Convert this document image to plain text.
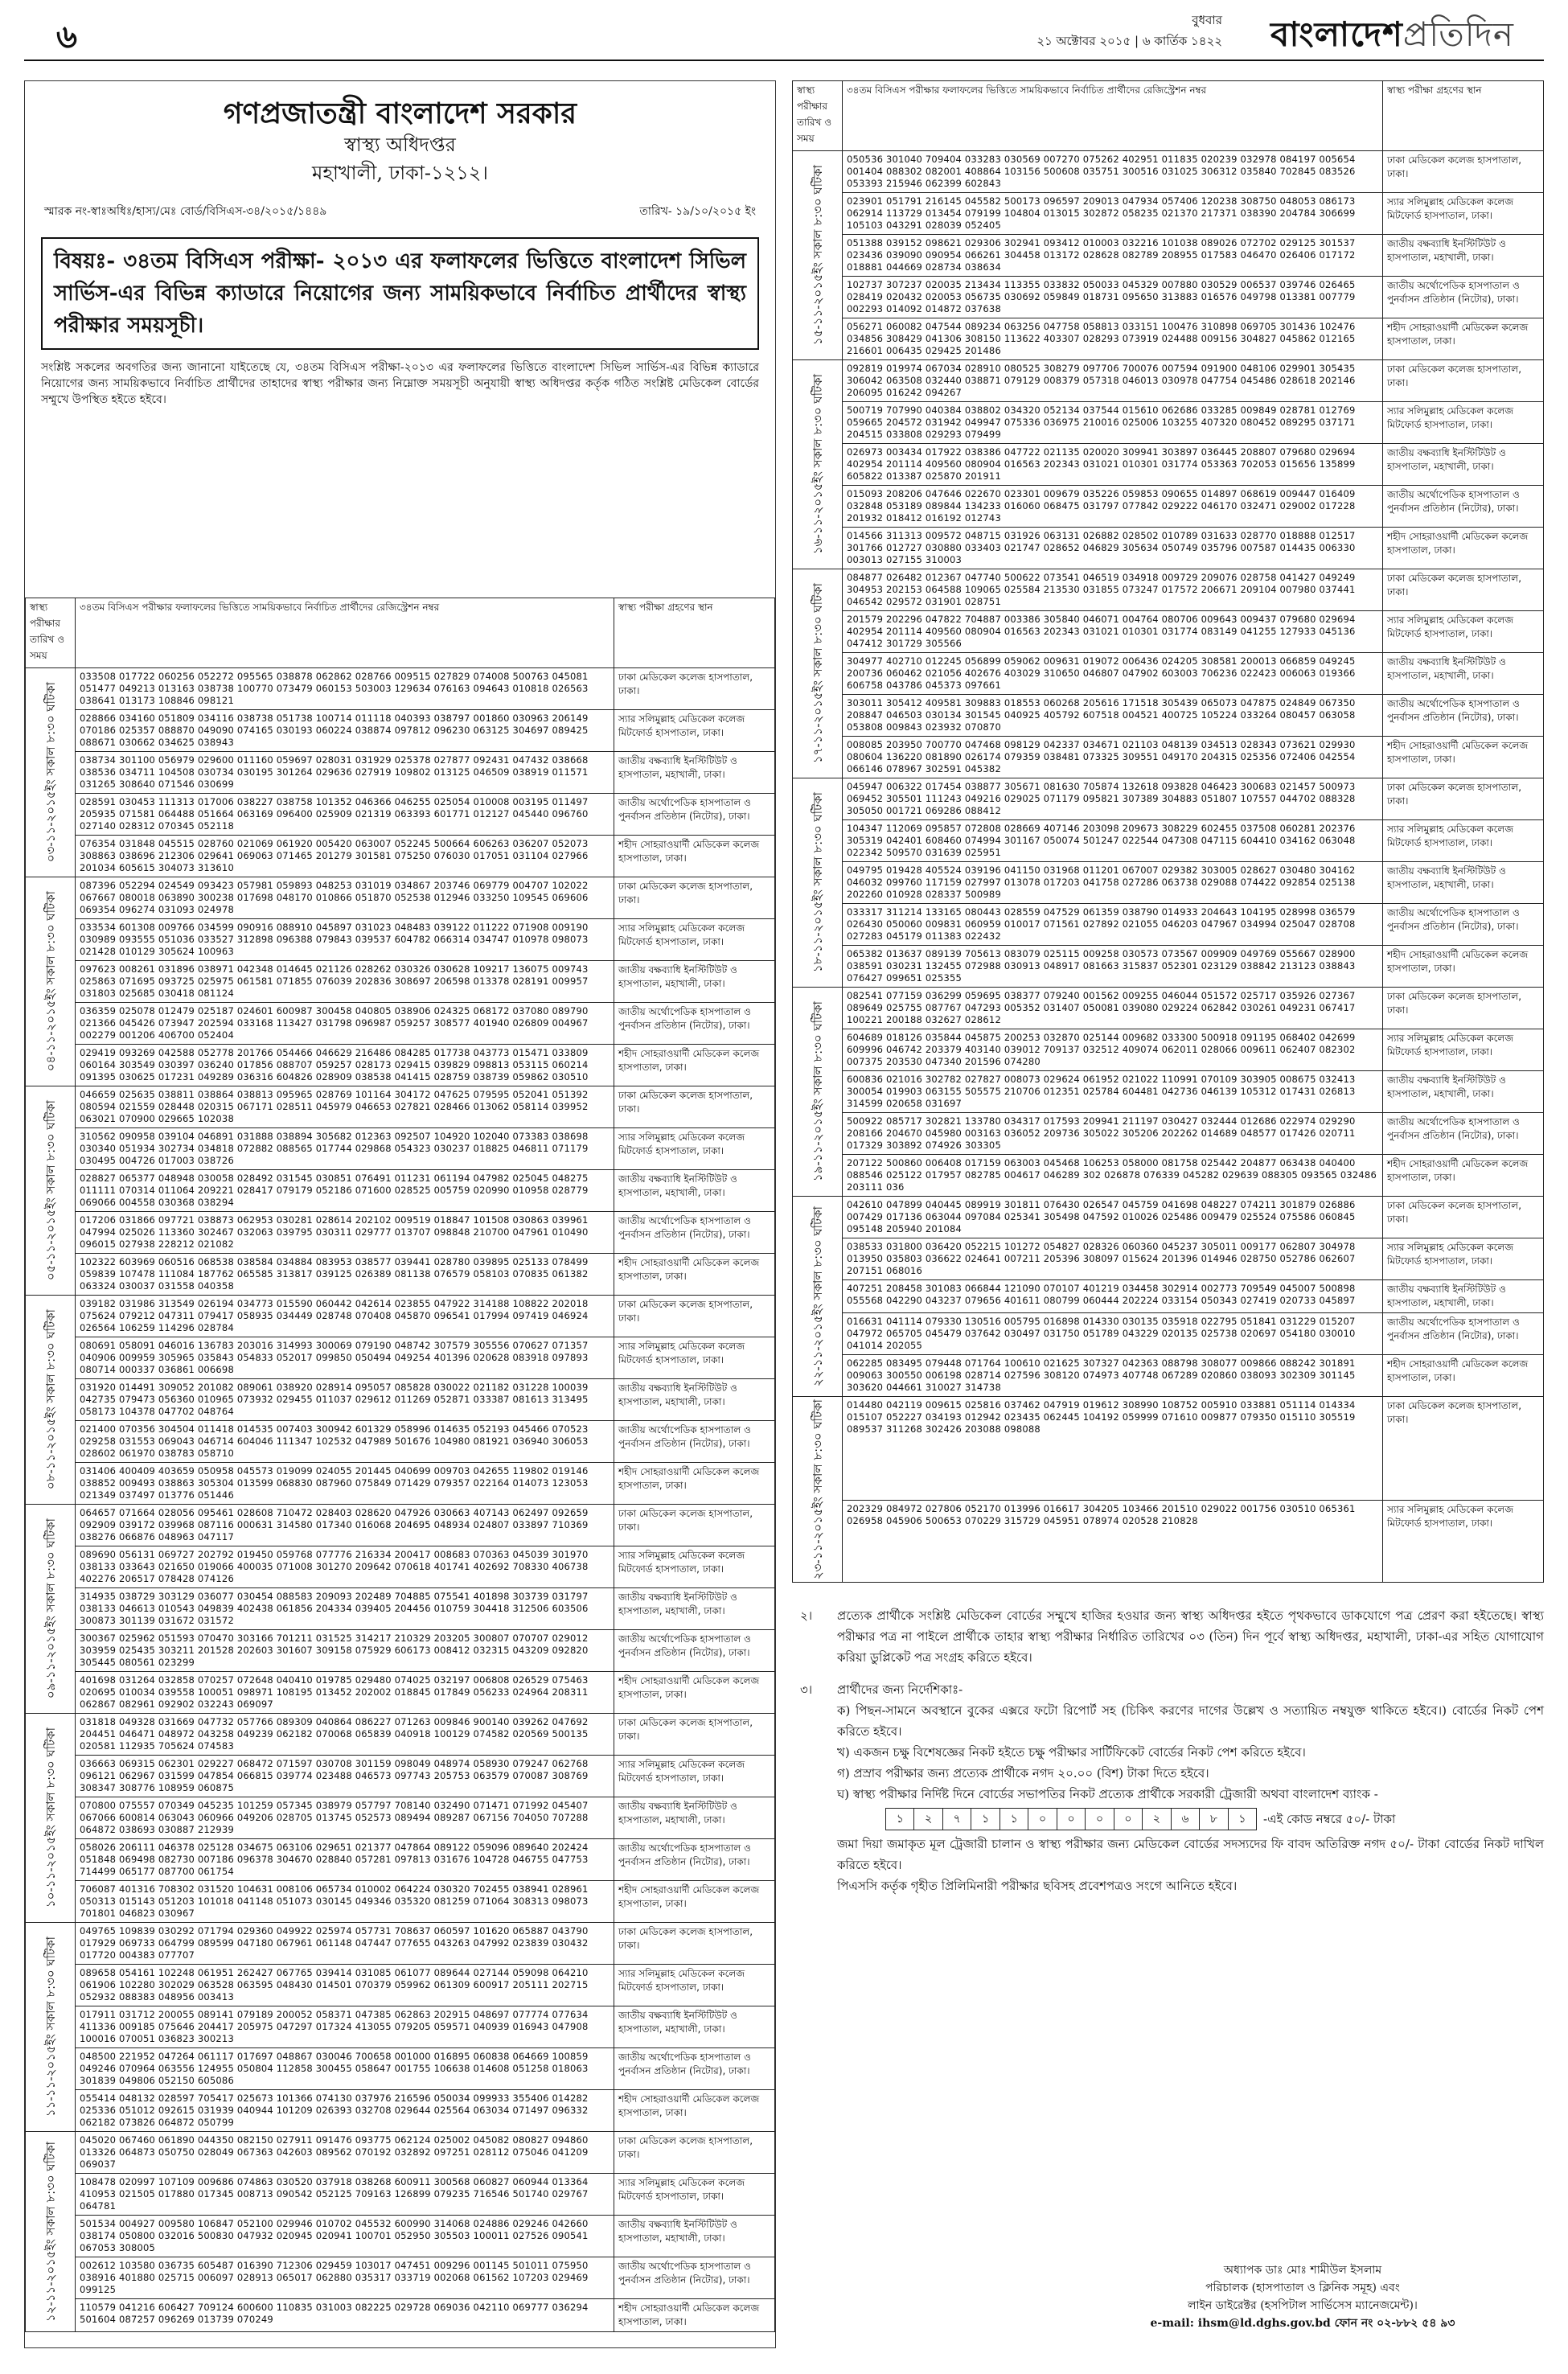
৬	বুধবার
২১ অক্টোবর ২০১৫ | ৬ কার্তিক ১৪২২ বাংলাদেশপ্রতিদিন
গণপ্রজাতন্ত্রী বাংলাদেশ সরকার
স্বাস্থ্য অধিদপ্তর
মহাখালী, ঢাকা-১২১২।
স্মারক নং-স্বাঃঅধিঃ/হাস্য/মেঃ বোর্ড/বিসিএস-৩৪/২০১৫/১৪৪৯	তারিখ- ১৯/১০/২০১৫ ইং
বিষয়ঃ- ৩৪তম বিসিএস পরীক্ষা- ২০১৩ এর ফলাফলের ভিত্তিতে বাংলাদেশ সিভিল সার্ভিস-এর বিভিন্ন ক্যাডারে নিয়োগের জন্য সাময়িকভাবে নির্বাচিত প্রার্থীদের স্বাস্থ্য পরীক্ষার সময়সূচী।
সংশ্লিষ্ট সকলের অবগতির জন্য জানানো যাইতেছে যে, ৩৪তম বিসিএস পরীক্ষা-২০১৩ এর ফলাফলের ভিত্তিতে বাংলাদেশ সিভিল সার্ভিস-এর বিভিন্ন ক্যাডারে নিয়োগের জন্য সাময়িকভাবে নির্বাচিত প্রার্থীদের তাহাদের স্বাস্থ্য পরীক্ষার জন্য নিম্নোক্ত সময়সূচী অনুযায়ী স্বাস্থ্য অধিদপ্তর কর্তৃক গঠিত সংশ্লিষ্ট মেডিকেল বোর্ডের সম্মুখে উপস্থিত হইতে হইবে।
স্বাস্থ্য পরীক্ষার তারিখ ও সময়	৩৪তম বিসিএস পরীক্ষার ফলাফলের ভিত্তিতে সাময়িকভাবে নির্বাচিত প্রার্থীদের রেজিস্ট্রেশন নম্বর	স্বাস্থ্য পরীক্ষা গ্রহণের স্থান

০৩-১১-২০১৫ইং সকাল ৮:৩০ ঘটিকা	033508 017722 060256 052272 095565 038878 062862 028766 009515 027829 074008 500763 045081 051477 049213 013163 038738 100770 073479 060153 503003 129634 076163 094643 010818 026563 038641 013173 108846 098121	ঢাকা মেডিকেল কলেজ হাসপাতাল, ঢাকা।

	028866 034160 051809 034116 038738 051738 100714 011118 040393 038797 001860 030963 206149 070186 025357 088870 049090 074165 030193 060224 038874 097812 096230 063125 304697 089425 088671 030662 034625 038943	স্যার সলিমুল্লাহ মেডিকেল কলেজ মিটফোর্ড হাসপাতাল, ঢাকা।

	038734 301100 056979 029600 011160 059697 028031 031929 025378 027877 092431 047432 038668 038536 034711 104508 030734 030195 301264 029636 027919 109802 013125 046509 038919 011571 031265 308640 071546 030699	জাতীয় বক্ষব্যাধি ইনস্টিটিউট ও হাসপাতাল, মহাখালী, ঢাকা।

	028591 030453 111313 017006 038227 038758 101352 046366 046255 025054 010008 003195 011497 205935 071581 064488 051664 063169 096400 025909 021319 063393 601771 012127 045440 096760 027140 028312 070345 052118	জাতীয় অর্থোপেডিক হাসপাতাল ও পুনর্বাসন প্রতিষ্ঠান (নিটোর), ঢাকা।

	076354 031848 045515 028760 021069 061920 005420 063007 052245 500664 606263 036207 052073 308863 038696 212306 029641 069063 071465 201279 301581 075250 076030 017051 031104 027966 201034 605615 304073 313610	শহীদ সোহরাওয়ার্দী মেডিকেল কলেজ হাসপাতাল, ঢাকা।

০৪-১১-২০১৫ইং সকাল ৮:৩০ ঘটিকা	087396 052294 024549 093423 057981 059893 048253 031019 034867 203746 069779 004707 102022 067667 080018 063890 300238 017698 048170 010866 051870 052538 012946 033250 109545 069606 069354 096274 031093 024978	ঢাকা মেডিকেল কলেজ হাসপাতাল, ঢাকা।

	033534 601308 009766 034599 090916 088910 045897 031023 048483 039122 011222 071908 009190 030989 093555 051036 033527 312898 096388 079843 039537 604782 066314 034747 010978 098073 021428 010129 305624 100963	স্যার সলিমুল্লাহ মেডিকেল কলেজ মিটফোর্ড হাসপাতাল, ঢাকা।

	097623 008261 031896 038971 042348 014645 021126 028262 030326 030628 109217 136075 009743 025863 071695 093725 025975 061581 071855 076039 202836 308697 206598 013378 028191 009957 031803 025685 030418 081124	জাতীয় বক্ষব্যাধি ইনস্টিটিউট ও হাসপাতাল, মহাখালী, ঢাকা।

	036359 025078 012479 025187 024601 600987 300458 040805 038906 024325 068172 037080 089790 021366 045426 073947 202594 033168 113427 031798 096987 059257 308577 401940 026809 004967 002279 001206 406700 052404	জাতীয় অর্থোপেডিক হাসপাতাল ও পুনর্বাসন প্রতিষ্ঠান (নিটোর), ঢাকা।

	029419 093269 042588 052778 201766 054466 046629 216486 084285 017738 043773 015471 033809 060164 303549 030397 036240 017856 088707 059257 028173 029415 039829 098813 053115 060214 091395 030625 017231 049289 036316 604826 028909 038538 041415 028759 038739 059862 030510	শহীদ সোহরাওয়ার্দী মেডিকেল কলেজ হাসপাতাল, ঢাকা।

০৫-১১-২০১৫ইং সকাল ৮:৩০ ঘটিকা	046659 025635 038811 038864 038813 095965 028769 101164 304172 047625 079595 052041 051392 080594 021559 028448 020315 067171 028511 045979 046653 027821 028466 013062 058114 039952 063021 070900 029665 102038	ঢাকা মেডিকেল কলেজ হাসপাতাল, ঢাকা।

	310562 090958 039104 046891 031888 038894 305682 012363 092507 104920 102040 073383 038698 030340 051934 302734 034818 072882 088565 017744 029868 054323 030237 018825 046811 071179 030495 004726 017003 038726	স্যার সলিমুল্লাহ মেডিকেল কলেজ মিটফোর্ড হাসপাতাল, ঢাকা।

	028827 065377 048948 030058 028492 031545 030851 076491 011231 061194 047982 025045 048275 011111 070314 011064 209221 028417 079179 052186 071600 028525 005759 020990 010958 028779 069066 004558 030368 038294	জাতীয় বক্ষব্যাধি ইনস্টিটিউট ও হাসপাতাল, মহাখালী, ঢাকা।

	017206 031866 097721 038873 062953 030281 028614 202102 009519 018847 101508 030863 039961 047994 025026 113360 302467 032063 039795 030311 029777 013707 098848 210700 047961 010490 096015 027938 228212 021082	জাতীয় অর্থোপেডিক হাসপাতাল ও পুনর্বাসন প্রতিষ্ঠান (নিটোর), ঢাকা।

	102322 603969 060516 068538 038584 034884 083953 038577 039441 028780 039895 025133 078499 059839 107478 111084 187762 065585 313817 039125 026389 081138 076579 058103 070835 061382 063324 030037 031558 040358	শহীদ সোহরাওয়ার্দী মেডিকেল কলেজ হাসপাতাল, ঢাকা।

০৮-১১-২০১৫ইং সকাল ৮:৩০ ঘটিকা	039182 031986 313549 026194 034773 015590 060442 042614 023855 047922 314188 108822 202018 075624 079212 047311 079417 058935 034449 028748 070408 045870 096541 017994 097419 046924 026564 106259 114296 028784	ঢাকা মেডিকেল কলেজ হাসপাতাল, ঢাকা।

	080691 058091 046016 136783 203016 314993 300069 079190 048742 307579 305556 070627 071357 040906 009959 305965 035843 054833 052017 099850 050494 049254 401396 020628 083918 097893 080714 000337 036861 006698	স্যার সলিমুল্লাহ মেডিকেল কলেজ মিটফোর্ড হাসপাতাল, ঢাকা।

	031920 014491 309052 201082 089061 038920 028914 095057 085828 030022 021182 031228 100039 042735 079473 056360 010965 073932 029455 011037 029612 011269 052871 033387 081613 313495 058173 104378 047702 048764	জাতীয় বক্ষব্যাধি ইনস্টিটিউট ও হাসপাতাল, মহাখালী, ঢাকা।

	021400 070356 304504 011418 014535 007403 300942 601329 058996 014635 052193 045466 070523 029258 031553 069043 046714 604046 111347 102532 047989 501676 104980 081921 036940 306053 028602 061970 038783 058710	জাতীয় অর্থোপেডিক হাসপাতাল ও পুনর্বাসন প্রতিষ্ঠান (নিটোর), ঢাকা।

	031406 400409 403659 050958 045573 019099 024055 201445 040699 009703 042655 119802 019146 038852 009493 038863 305304 013599 068830 087960 075849 071429 079357 022164 014073 123053 021349 037497 013776 051446	শহীদ সোহরাওয়ার্দী মেডিকেল কলেজ হাসপাতাল, ঢাকা।

০৯-১১-২০১৫ইং সকাল ৮:৩০ ঘটিকা	064657 071664 028056 095461 028608 710472 028403 028620 047926 030663 407143 062497 092659 092909 039172 039968 087116 000631 314580 017340 016068 204695 048934 024807 033897 710369 038276 066876 048963 047117	ঢাকা মেডিকেল কলেজ হাসপাতাল, ঢাকা।

	089690 056131 069727 202792 019450 059768 077776 216334 200417 008683 070363 045039 301970 038133 033643 021650 019066 400035 071008 301270 209642 070618 401741 402692 708330 406738 402276 206517 078428 074126	স্যার সলিমুল্লাহ মেডিকেল কলেজ মিটফোর্ড হাসপাতাল, ঢাকা।

	314935 038729 303129 036077 030454 088583 209093 202489 704885 075541 401898 303739 031797 038133 046613 010543 049839 402438 061856 204334 039405 204456 010759 304418 312506 603506 300873 301139 031672 031572	জাতীয় বক্ষব্যাধি ইনস্টিটিউট ও হাসপাতাল, মহাখালী, ঢাকা।

	300367 025962 051593 070470 303166 701211 031525 314217 210329 203205 300807 070707 029012 303959 025435 303211 201528 202603 301607 309158 075929 606173 008412 032315 043209 092820 305445 080561 023299	জাতীয় অর্থোপেডিক হাসপাতাল ও পুনর্বাসন প্রতিষ্ঠান (নিটোর), ঢাকা।

	401698 031264 032858 070257 072648 040410 019785 029480 074025 032197 006808 026529 075463 020695 010034 039558 100051 098971 108195 013452 202002 018845 017849 056233 024964 208311 062867 082961 092902 032243 069097	শহীদ সোহরাওয়ার্দী মেডিকেল কলেজ হাসপাতাল, ঢাকা।

১০-১১-২০১৫ইং সকাল ৮:৩০ ঘটিকা	031818 049328 031669 047732 057766 089309 040864 086227 071263 009846 900140 039262 047692 204451 046471 048972 043258 049239 062182 070068 065839 040918 100129 074582 020569 500135 020581 112935 705624 074583	ঢাকা মেডিকেল কলেজ হাসপাতাল, ঢাকা।

	036663 069315 062301 029227 068472 071597 030708 301159 098049 048974 058930 079247 062768 096121 062967 031599 047854 066815 039774 023488 046573 097743 205753 063579 070087 308769 308347 308776 108959 060875	স্যার সলিমুল্লাহ মেডিকেল কলেজ মিটফোর্ড হাসপাতাল, ঢাকা।

	070800 075557 070349 045235 101259 057345 038979 057797 708140 032490 071471 071992 045407 067066 600814 063043 060966 049206 028705 013745 052573 089494 089287 067156 704050 707288 064872 038693 030887 212939	জাতীয় বক্ষব্যাধি ইনস্টিটিউট ও হাসপাতাল, মহাখালী, ঢাকা।

	058026 206111 046378 025128 034675 063106 029651 021377 047864 089122 059096 089640 202424 051848 069498 082730 007186 096378 304670 028840 057281 097813 031676 104728 046755 047753 714499 065177 087700 061754	জাতীয় অর্থোপেডিক হাসপাতাল ও পুনর্বাসন প্রতিষ্ঠান (নিটোর), ঢাকা।

	706087 401316 708302 031520 104631 008106 065734 010002 064224 030320 702455 038941 028961 050313 015143 051203 101018 041148 051073 030145 049346 035320 081259 071064 308313 098073 701801 046823 030967	শহীদ সোহরাওয়ার্দী মেডিকেল কলেজ হাসপাতাল, ঢাকা।

১১-১১-২০১৫ইং সকাল ৮:৩০ ঘটিকা	049765 109839 030292 071794 029360 049922 025974 057731 708637 060597 101620 065887 043790 017929 069733 064799 089599 047180 067961 061148 047447 077655 043263 047992 023839 030432 017720 004383 077707	ঢাকা মেডিকেল কলেজ হাসপাতাল, ঢাকা।

	089658 054161 102248 061951 262427 067765 039414 031085 061077 089644 027144 059098 064210 061906 102280 302029 063528 063595 048430 014501 070379 059962 061309 600917 205111 202715 052932 088383 048956 003413	স্যার সলিমুল্লাহ মেডিকেল কলেজ মিটফোর্ড হাসপাতাল, ঢাকা।

	017911 031712 200055 089141 079189 200052 058371 047385 062863 202915 048697 077774 077634 411336 009185 075646 204417 205975 047297 017324 413055 079205 059571 040939 016943 047908 100016 070051 036823 300213	জাতীয় বক্ষব্যাধি ইনস্টিটিউট ও হাসপাতাল, মহাখালী, ঢাকা।

	048500 221952 047264 061117 017697 048867 030046 700658 001000 016895 060838 064669 100859 049246 070964 063556 124955 050804 112858 300455 058647 001755 106638 014608 051258 018063 301839 049806 052150 605086	জাতীয় অর্থোপেডিক হাসপাতাল ও পুনর্বাসন প্রতিষ্ঠান (নিটোর), ঢাকা।

	055414 048132 028597 705417 025673 101366 074130 037976 216596 050034 099933 355406 014282 025336 051012 092615 031939 040944 101209 026393 032708 029644 025564 063034 071497 096332 062182 073826 064872 050799	শহীদ সোহরাওয়ার্দী মেডিকেল কলেজ হাসপাতাল, ঢাকা।

১২-১১-২০১৫ইং সকাল ৮:৩০ ঘটিকা	045020 067460 061890 044350 082150 027911 091476 093775 062124 025002 045082 080827 094860 013326 064873 050750 028049 067363 042603 089562 070192 032892 097251 028112 075046 041209 069037	ঢাকা মেডিকেল কলেজ হাসপাতাল, ঢাকা।

	108478 020997 107109 009686 074863 030520 037918 038268 600911 300568 060827 060944 013364 410953 021505 017880 017345 008713 090542 052125 709163 126899 079235 716546 501740 029767 064781	স্যার সলিমুল্লাহ মেডিকেল কলেজ মিটফোর্ড হাসপাতাল, ঢাকা।

	501534 004927 009580 106847 052100 029946 010702 045532 600990 314068 024886 029246 042660 038174 050800 032016 500830 047932 020945 020941 100701 052950 305503 100011 027526 090541 067053 308005	জাতীয় বক্ষব্যাধি ইনস্টিটিউট ও হাসপাতাল, মহাখালী, ঢাকা।

	002612 103580 036735 605487 016390 712306 029459 103017 047451 009296 001145 501011 075950 038916 401880 025715 006097 028913 065017 062880 035317 033719 002068 061562 107203 029469 099125	জাতীয় অর্থোপেডিক হাসপাতাল ও পুনর্বাসন প্রতিষ্ঠান (নিটোর), ঢাকা।

	110579 041216 606427 709124 600600 110835 031003 082225 029728 069036 042110 069777 036294 501604 087257 096269 013739 070249	শহীদ সোহরাওয়ার্দী মেডিকেল কলেজ হাসপাতাল, ঢাকা।
স্বাস্থ্য পরীক্ষার তারিখ ও সময়	৩৪তম বিসিএস পরীক্ষার ফলাফলের ভিত্তিতে সাময়িকভাবে নির্বাচিত প্রার্থীদের রেজিস্ট্রেশন নম্বর	স্বাস্থ্য পরীক্ষা গ্রহণের স্থান

১৫-১১-২০১৫ইং সকাল ৮:৩০ ঘটিকা	050536 301040 709404 033283 030569 007270 075262 402951 011835 020239 032978 084197 005654 001404 088302 082001 408864 103156 500608 035751 300516 031025 306312 035840 702845 083526 053393 215946 062399 602843	ঢাকা মেডিকেল কলেজ হাসপাতাল, ঢাকা।

	023901 051791 216145 045582 500173 096597 209013 047934 057406 120238 308750 048053 086173 062914 113729 013454 079199 104804 013015 302872 058235 021370 217371 038390 204784 306699 105103 043291 028039 052405	স্যার সলিমুল্লাহ মেডিকেল কলেজ মিটফোর্ড হাসপাতাল, ঢাকা।

	051388 039152 098621 029306 302941 093412 010003 032216 101038 089026 072702 029125 301537 023436 039090 090954 066261 304458 013172 028628 082789 208955 017583 046470 026406 017172 018881 044669 028734 038634	জাতীয় বক্ষব্যাধি ইনস্টিটিউট ও হাসপাতাল, মহাখালী, ঢাকা।

	102737 307237 020035 213434 113355 033832 050033 045329 007880 030529 006537 039746 026465 028419 020432 020053 056735 030692 059849 018731 095650 313883 016576 049798 013381 007779 002293 014092 014872 037638	জাতীয় অর্থোপেডিক হাসপাতাল ও পুনর্বাসন প্রতিষ্ঠান (নিটোর), ঢাকা।

	056271 060082 047544 089234 063256 047758 058813 033151 100476 310898 069705 301436 102476 034856 308429 041306 308150 113622 403307 028293 073919 024488 009156 304827 045862 012165 216601 006435 029425 201486	শহীদ সোহরাওয়ার্দী মেডিকেল কলেজ হাসপাতাল, ঢাকা।

১৬-১১-২০১৫ইং সকাল ৮:৩০ ঘটিকা	092819 019974 067034 028910 080525 308279 097706 700076 007594 091900 048106 029901 305435 306042 063508 032440 038871 079129 008379 057318 046013 030978 047754 045486 028618 202146 206095 016242 094267	ঢাকা মেডিকেল কলেজ হাসপাতাল, ঢাকা।

	500719 707990 040384 038802 034320 052134 037544 015610 062686 033285 009849 028781 012769 059665 204572 031942 049947 075336 036975 210016 025006 103255 407320 080452 089295 037171 204515 033808 029293 079499	স্যার সলিমুল্লাহ মেডিকেল কলেজ মিটফোর্ড হাসপাতাল, ঢাকা।

	026973 003434 017922 038386 047722 021135 020020 309941 303897 036445 208807 079680 029694 402954 201114 409560 080904 016563 202343 031021 010301 031774 053363 702053 015656 135899 605822 013387 025870 201911	জাতীয় বক্ষব্যাধি ইনস্টিটিউট ও হাসপাতাল, মহাখালী, ঢাকা।

	015093 208206 047646 022670 023301 009679 035226 059853 090655 014897 068619 009447 016409 032848 053189 089844 134233 016060 068475 031797 077842 029222 046170 032471 029002 017228 201932 018412 016192 012743	জাতীয় অর্থোপেডিক হাসপাতাল ও পুনর্বাসন প্রতিষ্ঠান (নিটোর), ঢাকা।

	014566 311313 009572 048715 031926 063131 026882 028502 010789 031633 028770 018888 012517 301766 012727 030880 033403 021747 028652 046829 305634 050749 035796 007587 014435 006330 003013 027155 310003	শহীদ সোহরাওয়ার্দী মেডিকেল কলেজ হাসপাতাল, ঢাকা।

১৭-১১-২০১৫ইং সকাল ৮:৩০ ঘটিকা	084877 026482 012367 047740 500622 073541 046519 034918 009729 209076 028758 041427 049249 304953 202153 064588 109065 025584 213530 031855 073247 017572 206671 209104 007980 037441 046542 029572 031901 028751	ঢাকা মেডিকেল কলেজ হাসপাতাল, ঢাকা।

	201579 202296 047822 704887 003386 305840 046071 004764 080706 009643 009437 079680 029694 402954 201114 409560 080904 016563 202343 031021 010301 031774 083149 041255 127933 045136 047412 301729 305566	স্যার সলিমুল্লাহ মেডিকেল কলেজ মিটফোর্ড হাসপাতাল, ঢাকা।

	304977 402710 012245 056899 059062 009631 019072 006436 024205 308581 200013 066859 049245 200736 060462 021056 402676 403029 310650 046807 047902 603003 706236 022423 006063 019366 606758 043786 045373 097661	জাতীয় বক্ষব্যাধি ইনস্টিটিউট ও হাসপাতাল, মহাখালী, ঢাকা।

	303011 305412 409581 309883 018553 060268 205616 171518 305439 065073 047875 024849 067350 208847 046503 030134 301545 040925 405792 607518 004521 400725 105224 033264 080457 063058 053808 009843 023932 070870	জাতীয় অর্থোপেডিক হাসপাতাল ও পুনর্বাসন প্রতিষ্ঠান (নিটোর), ঢাকা।

	008085 203950 700770 047468 098129 042337 034671 021103 048139 034513 028343 073621 029930 080604 136220 081890 026174 079359 038481 073325 309551 049170 204315 025356 072406 042554 066146 078967 302591 045382	শহীদ সোহরাওয়ার্দী মেডিকেল কলেজ হাসপাতাল, ঢাকা।

১৮-১১-২০১৫ইং সকাল ৮:৩০ ঘটিকা	045947 006322 017454 038877 305671 081630 705874 132618 093828 046423 300683 021457 500973 069452 305501 111243 049216 029025 071179 095821 307389 304883 051807 107557 044702 088328 305050 001721 069286 088412	ঢাকা মেডিকেল কলেজ হাসপাতাল, ঢাকা।

	104347 112069 095857 072808 028669 407146 203098 209673 308229 602455 037508 060281 202376 305319 042401 608460 074994 301167 050074 501247 022544 047308 047115 604410 034162 063048 022342 509570 031639 025951	স্যার সলিমুল্লাহ মেডিকেল কলেজ মিটফোর্ড হাসপাতাল, ঢাকা।

	049795 019428 405524 039196 041150 031968 011201 067007 029382 303005 028627 030480 304162 046032 099760 117159 027997 013078 017203 041758 027286 063738 029088 074422 092854 025138 202260 010928 028337 500989	জাতীয় বক্ষব্যাধি ইনস্টিটিউট ও হাসপাতাল, মহাখালী, ঢাকা।

	033317 311214 133165 080443 028559 047529 061359 038790 014933 204643 104195 028998 036579 026430 050060 009831 060959 010017 071561 027892 021055 046203 047967 034994 025047 028708 027283 045179 011383 022432	জাতীয় অর্থোপেডিক হাসপাতাল ও পুনর্বাসন প্রতিষ্ঠান (নিটোর), ঢাকা।

	065382 013637 089139 705613 083079 025115 009258 030573 073567 009909 049769 055667 028900 038591 030231 132455 072988 030913 048917 081663 315837 052301 023129 038842 213123 038843 076427 099651 025355	শহীদ সোহরাওয়ার্দী মেডিকেল কলেজ হাসপাতাল, ঢাকা।

১৯-১১-২০১৫ইং সকাল ৮:৩০ ঘটিকা	082541 077159 036299 059695 038377 079240 001562 009255 046044 051572 025717 035926 027367 089649 025755 087767 047293 005352 031407 050081 039080 029224 062842 030261 049231 067417 100221 200188 032627 028612	ঢাকা মেডিকেল কলেজ হাসপাতাল, ঢাকা।

	604689 018126 035844 045875 200253 032870 025144 009682 033300 500918 091195 068402 042699 609996 046742 203379 403140 039012 709137 032512 409074 062011 028066 009611 062407 082302 007375 203530 047340 201596 074280	স্যার সলিমুল্লাহ মেডিকেল কলেজ মিটফোর্ড হাসপাতাল, ঢাকা।

	600836 021016 302782 027827 008073 029624 061952 021022 110991 070109 303905 008675 032413 300054 019903 063155 505575 210706 012351 025784 604481 042736 046139 105312 017431 026813 314599 020658 031697	জাতীয় বক্ষব্যাধি ইনস্টিটিউট ও হাসপাতাল, মহাখালী, ঢাকা।

	500922 085717 302821 133780 034317 017593 209941 211197 030427 032444 012686 022974 029290 208166 204670 045980 003163 036052 209736 305022 305206 202262 014689 048577 017426 020711 017329 303892 074926 303305	জাতীয় অর্থোপেডিক হাসপাতাল ও পুনর্বাসন প্রতিষ্ঠান (নিটোর), ঢাকা।

	207122 500860 006408 017159 063003 045468 106253 058000 081758 025442 204877 063438 040400 088546 025122 017957 082785 004617 046289 302 026878 076339 045282 029639 088305 093565 032486 203111 036	শহীদ সোহরাওয়ার্দী মেডিকেল কলেজ হাসপাতাল, ঢাকা।

২২-১১-২০১৫ইং সকাল ৮:৩০ ঘটিকা	042610 047899 040445 089919 301811 076430 026547 045759 041698 048227 074211 301879 026886 007429 017136 063044 097084 025341 305498 047592 010026 025486 009479 025524 075586 060845 095148 205940 201084	ঢাকা মেডিকেল কলেজ হাসপাতাল, ঢাকা।

	038533 031800 036420 052215 101272 054827 028326 060360 045237 305011 009177 062807 304978 013950 035803 036622 024641 007211 205396 308097 015624 201396 014946 028750 052786 062607 207151 068016	স্যার সলিমুল্লাহ মেডিকেল কলেজ মিটফোর্ড হাসপাতাল, ঢাকা।

	407251 208458 301083 066844 121090 070107 401219 034458 302914 002773 709549 045007 500898 055568 042290 043237 079656 401611 080799 060444 202224 033154 050343 027419 020733 045897	জাতীয় বক্ষব্যাধি ইনস্টিটিউট ও হাসপাতাল, মহাখালী, ঢাকা।

	016631 041114 079330 130516 005795 016898 014330 030135 035918 022795 051841 031229 015207 047972 065705 045479 037642 030497 031750 051789 043229 020135 025738 020697 054180 030010 041014 202055	জাতীয় অর্থোপেডিক হাসপাতাল ও পুনর্বাসন প্রতিষ্ঠান (নিটোর), ঢাকা।

	062285 083495 079448 071764 100610 021625 307327 042363 088798 308077 009866 088242 301891 009063 300550 006198 028714 027596 308120 074973 407748 067289 020860 038093 302309 301145 303620 044661 310027 314738	শহীদ সোহরাওয়ার্দী মেডিকেল কলেজ হাসপাতাল, ঢাকা।

২৩-১১-২০১৫ইং সকাল ৮:৩০ ঘটিকা	014480 042119 009615 025816 037462 047919 019612 308990 108752 005910 033881 051114 014334 015107 052227 034193 012942 023435 062445 104192 059999 071610 009877 079350 015110 305519 089537 311268 302426 203088 098088	ঢাকা মেডিকেল কলেজ হাসপাতাল, ঢাকা।

	202329 084972 027806 052170 013996 016617 304205 103466 201510 029022 001756 030510 065361 026958 045906 500653 070229 315729 045951 078974 020528 210828	স্যার সলিমুল্লাহ মেডিকেল কলেজ মিটফোর্ড হাসপাতাল, ঢাকা।
২।	প্রত্যেক প্রার্থীকে সংশ্লিষ্ট মেডিকেল বোর্ডের সম্মুখে হাজির হওয়ার জন্য স্বাস্থ্য অধিদপ্তর হইতে পৃথকভাবে ডাকযোগে পত্র প্রেরণ করা হইতেছে। স্বাস্থ্য পরীক্ষার পত্র না পাইলে প্রার্থীকে তাহার স্বাস্থ্য পরীক্ষার নির্ধারিত তারিখের ০৩ (তিন) দিন পূর্বে স্বাস্থ্য অধিদপ্তর, মহাখালী, ঢাকা-এর সহিত যোগাযোগ করিয়া ডুপ্লিকেট পত্র সংগ্রহ করিতে হইবে।
৩।	প্রার্থীদের জন্য নির্দেশিকাঃ-
ক) পিছন-সামনে অবস্থানে বুকের এক্সরে ফটো রিপোর্ট সহ (চিকিৎ করণের দাগের উল্লেখ ও সত্যায়িত নম্বযুক্ত থাকিতে হইবে।) বোর্ডের নিকট পেশ করিতে হইবে।
খ) একজন চক্ষু বিশেষজ্ঞের নিকট হইতে চক্ষু পরীক্ষার সার্টিফিকেট বোর্ডের নিকট পেশ করিতে হইবে।
গ) প্রস্রাব পরীক্ষার জন্য প্রত্যেক প্রার্থীকে নগদ ২০.০০ (বিশ) টাকা দিতে হইবে।
ঘ) স্বাস্থ্য পরীক্ষার নির্দিষ্ট দিনে বোর্ডের সভাপতির নিকট প্রত্যেক প্রার্থীকে সরকারী ট্রেজারী অথবা বাংলাদেশ ব্যাংক -
১	২	৭	১	১	০	০	০	০	২	৬	৮	১	-এই কোড নম্বরে ৫০/- টাকা
জমা দিয়া জমাকৃত মূল ট্রেজারী চালান ও স্বাস্থ্য পরীক্ষার জন্য মেডিকেল বোর্ডের সদস্যদের ফি বাবদ অতিরিক্ত নগদ ৫০/- টাকা বোর্ডের নিকট দাখিল করিতে হইবে।
পিএসসি কর্তৃক গৃহীত প্রিলিমিনারী পরীক্ষার ছবিসহ প্রবেশপত্রও সংগে আনিতে হইবে।
অধ্যাপক ডাঃ মোঃ শামীউল ইসলাম
পরিচালক (হাসপাতাল ও ক্লিনিক সমূহ) এবং
লাইন ডাইরেক্টর (হসপিটাল সার্ভিসেস ম্যানেজমেন্ট)।
e-mail: ihsm@ld.dghs.gov.bd ফোন নং ০২-৮৮২ ৫৪ ৯৩
